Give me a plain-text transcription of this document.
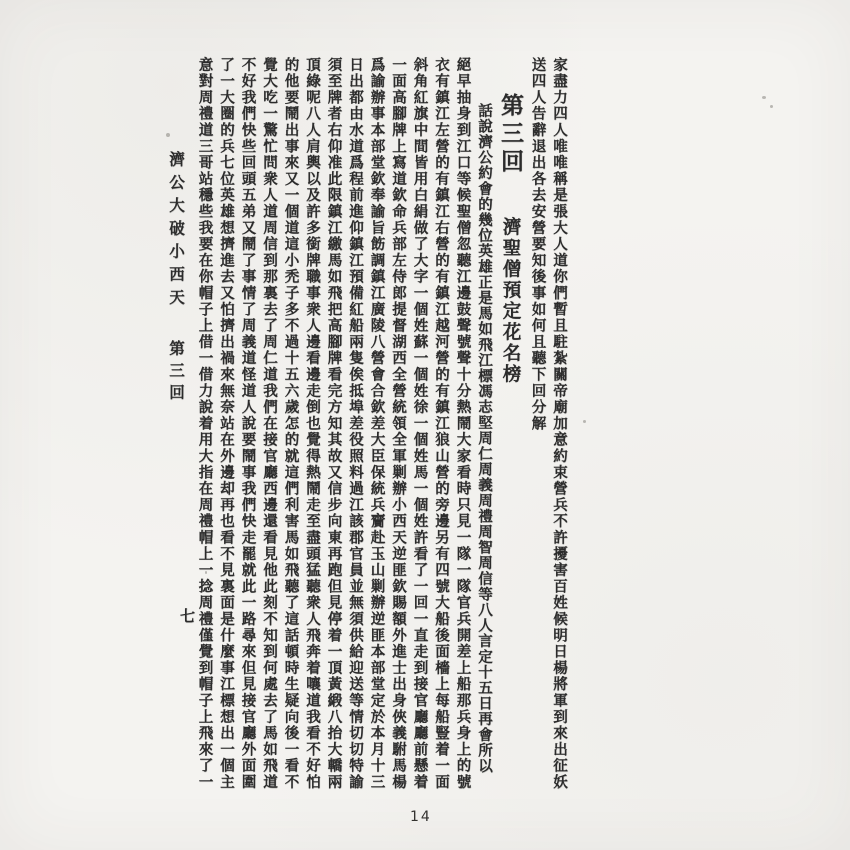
家盡力四人唯唯稱是張大人道你們暫且駐紮關帝廟加意約束營兵不許擾害百姓候明日楊將軍到來出征妖
送四人告辭退出各去安營要知後事如何且聽下回分解
第三回濟聖僧預定花名榜
話說濟公約會的幾位英雄正是馬如飛江標馮志堅周仁周義周禮周智周信等八人言定十五日再會所以
絕早抽身到江口等候聖僧忽聽江邊鼓聲號聲十分熱鬧大家看時只見一隊一隊官兵開差上船那兵身上的號
衣有鎮江左營的有鎮江右營的有鎮江越河營的有鎮江狼山營的旁邊另有四號大船後面檣上每船豎着一面
斜角紅旗中間皆用白絹做了大字一個姓蘇一個姓徐一個姓馬一個姓許看了一回一直走到接官廳廳前懸着
一面高腳牌上寫道欽命兵部左侍郎提督湖西全營統領全軍剿辦小西天逆匪欽賜額外進士出身俠義駙馬楊
爲諭辦事本部堂欽奉諭旨飭調鎮江廣陵八營會合欽差大臣保統兵齎赴玉山剿辦逆匪本部堂定於本月十三
日出都由水道爲程前進仰鎮江預備紅船兩隻俟抵埠差役照料過江該郡官員並無須供給迎送等情切切特諭
須至牌者右仰准此限鎮江繳馬如飛把高腳牌看完方知其故又信步向東再跑但見停着一頂黃緞八抬大轎兩
頂綠呢八人肩輿以及許多銜牌職事衆人邊看邊走倒也覺得熱鬧走至盡頭猛聽衆人飛奔着嚷道我看不好怕
的他要鬧出事來又一個道這小禿子多不過十五六歲怎的就這們利害馬如飛聽了這話頓時生疑向後一看不
覺大吃一驚忙問衆人道周信到那裏去了周仁道我們在接官廳西邊還看見他此刻不知到何處去了馬如飛道
不好我們快些回頭五弟又鬧了事情了周義道怪道人說要鬧事我們快走罷就此一路尋來但見接官廳外面圍
了一大圈的兵七位英雄想擠進去又怕擠出禍來無奈站在外邊却再也看不見裏面是什麼事江標想出一個主
意對周禮道三哥站穩些我要在你帽子上借一借力說着用大指在周禮帽上一捻周禮僅覺到帽子上飛來了一
濟公大破小西天
第三回
七
14
